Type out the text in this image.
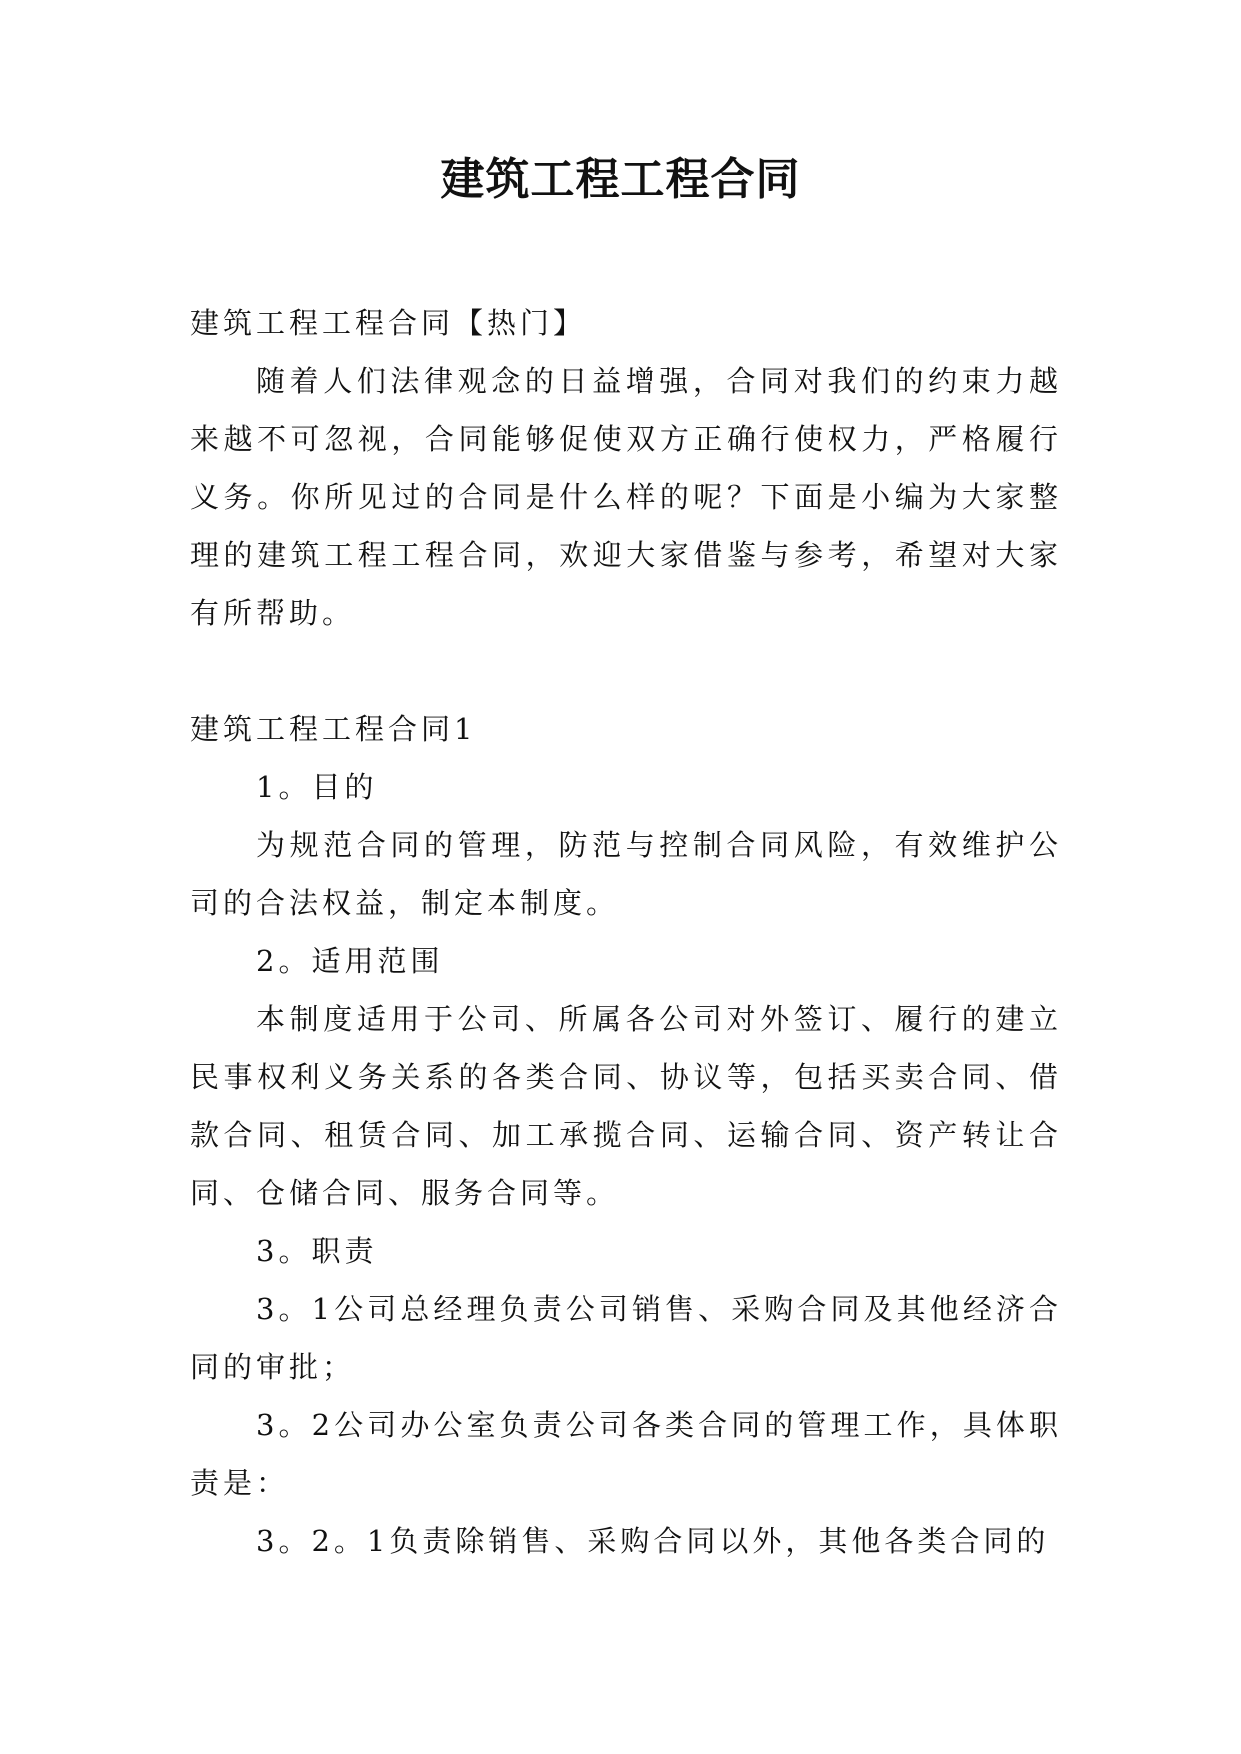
建筑工程工程合同

建筑工程工程合同【热门】

随着人们法律观念的日益增强，合同对我们的约束力越来越不可忽视，合同能够促使双方正确行使权力，严格履行义务。你所见过的合同是什么样的呢？下面是小编为大家整理的建筑工程工程合同，欢迎大家借鉴与参考，希望对大家有所帮助。

建筑工程工程合同1

1。目的

为规范合同的管理，防范与控制合同风险，有效维护公司的合法权益，制定本制度。

2。适用范围

本制度适用于公司、所属各公司对外签订、履行的建立民事权利义务关系的各类合同、协议等，包括买卖合同、借款合同、租赁合同、加工承揽合同、运输合同、资产转让合同、仓储合同、服务合同等。

3。职责

3。1公司总经理负责公司销售、采购合同及其他经济合同的审批；

3。2公司办公室负责公司各类合同的管理工作，具体职责是：

3。2。1负责除销售、采购合同以外，其他各类合同的
